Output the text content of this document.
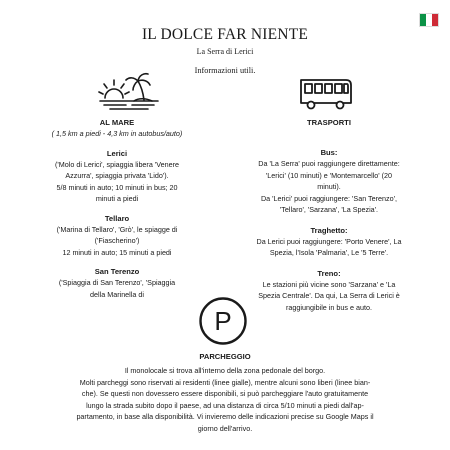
IL DOLCE FAR NIENTE
La Serra di Lerici
Informazioni utili.
AL MARE
( 1,5 km a piedi - 4,3 km in autobus/auto)
Lerici
('Molo di Lerici', spiaggia libera 'Venere
Azzurra', spiaggia privata 'Lido').
5/8 minuti in auto; 10 minuti in bus; 20
minuti a piedi
Tellaro
('Marina di Tellaro', 'Grò', le spiagge di
('Fiascherino')
12 minuti in auto; 15 minuti a piedi
San Terenzo
('Spiaggia di San Terenzo', 'Spiaggia
della Marinella di
TRASPORTI
Bus:
Da 'La Serra' puoi raggiungere direttamente:
'Lerici' (10 minuti) e 'Montemarcello' (20
minuti).
Da 'Lerici' puoi raggiungere: 'San Terenzo',
'Tellaro', 'Sarzana', 'La Spezia'.
Traghetto:
Da Lerici puoi raggiungere: 'Porto Venere', La
Spezia, l'Isola 'Palmaria', Le '5 Terre'.
Treno:
Le stazioni più vicine sono 'Sarzana' e 'La
Spezia Centrale'. Da qui, La Serra di Lerici è
raggiungibile in bus e auto.
P
PARCHEGGIO
Il monolocale si trova all'interno della zona pedonale del borgo.
Molti parcheggi sono riservati ai residenti (linee gialle), mentre alcuni sono liberi (linee bian-
che). Se questi non dovessero essere disponibili, si può parcheggiare l'auto gratuitamente
lungo la strada subito dopo il paese, ad una distanza di circa 5/10 minuti a piedi dall'ap-
partamento, in base alla disponibilità. Vi invieremo delle indicazioni precise su Google Maps il
giorno dell'arrivo.
